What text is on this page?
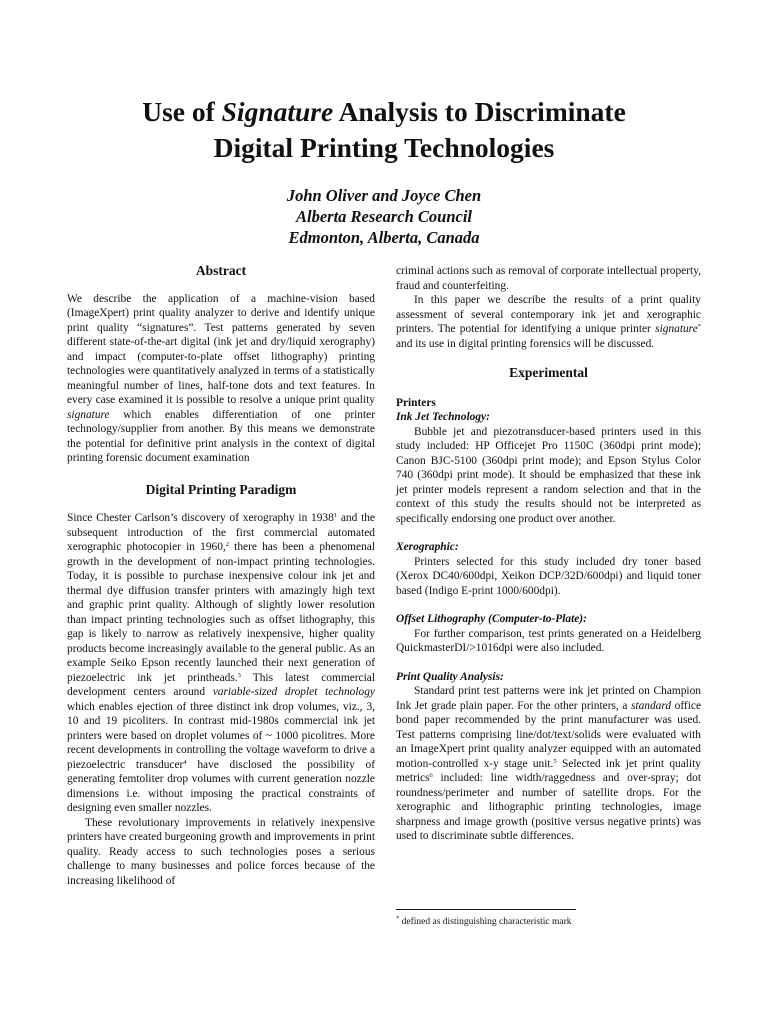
Use of Signature Analysis to Discriminate
Digital Printing Technologies
John Oliver and Joyce Chen
Alberta Research Council
Edmonton, Alberta, Canada

Abstract

We describe the application of a machine-vision based (ImageXpert) print quality analyzer to derive and identify unique print quality “signatures”. Test patterns generated by seven different state-of-the-art digital (ink jet and dry/liquid xerography) and impact (computer-to-plate offset lithography) printing technologies were quantitatively analyzed in terms of a statistically meaningful number of lines, half-tone dots and text features. In every case examined it is possible to resolve a unique print quality signature which enables differentiation of one printer technology/supplier from another. By this means we demonstrate the potential for definitive print analysis in the context of digital printing forensic document examination

Digital Printing Paradigm

Since Chester Carlson’s discovery of xerography in 1938$^1$ and the subsequent introduction of the first commercial automated xerographic photocopier in 1960,$^2$ there has been a phenomenal growth in the development of non-impact printing technologies. Today, it is possible to purchase inexpensive colour ink jet and thermal dye diffusion transfer printers with amazingly high text and graphic print quality. Although of slightly lower resolution than impact printing technologies such as offset lithography, this gap is likely to narrow as relatively inexpensive, higher quality products become increasingly available to the general public. As an example Seiko Epson recently launched their next generation of piezoelectric ink jet printheads.$^3$ This latest commercial development centers around variable-sized droplet technology which enables ejection of three distinct ink drop volumes, viz., 3, 10 and 19 picoliters. In contrast mid-1980s commercial ink jet printers were based on droplet volumes of ~ 1000 picolitres. More recent developments in controlling the voltage waveform to drive a piezoelectric transducer$^4$ have disclosed the possibility of generating femtoliter drop volumes with current generation nozzle dimensions i.e. without imposing the practical constraints of designing even smaller nozzles.

These revolutionary improvements in relatively inexpensive printers have created burgeoning growth and improvements in print quality. Ready access to such technologies poses a serious challenge to many businesses and police forces because of the increasing likelihood of

criminal actions such as removal of corporate intellectual property, fraud and counterfeiting.

In this paper we describe the results of a print quality assessment of several contemporary ink jet and xerographic printers. The potential for identifying a unique printer signature* and its use in digital printing forensics will be discussed.

Experimental

Printers

Ink Jet Technology:

Bubble jet and piezotransducer-based printers used in this study included: HP Officejet Pro 1150C (360dpi print mode); Canon BJC-5100 (360dpi print mode); and Epson Stylus Color 740 (360dpi print mode). It should be emphasized that these ink jet printer models represent a random selection and that in the context of this study the results should not be interpreted as specifically endorsing one product over another.

Xerographic:

Printers selected for this study included dry toner based (Xerox DC40/600dpi, Xeikon DCP/32D/600dpi) and liquid toner based (Indigo E-print 1000/600dpi).

Offset Lithography (Computer-to-Plate):

For further comparison, test prints generated on a Heidelberg QuickmasterDI/>1016dpi were also included.

Print Quality Analysis:

Standard print test patterns were ink jet printed on Champion Ink Jet grade plain paper. For the other printers, a standard office bond paper recommended by the print manufacturer was used. Test patterns comprising line/dot/text/solids were evaluated with an ImageXpert print quality analyzer equipped with an automated motion-controlled x-y stage unit.$^5$ Selected ink jet print quality metrics$^6$ included: line width/raggedness and over-spray; dot roundness/perimeter and number of satellite drops. For the xerographic and lithographic printing technologies, image sharpness and image growth (positive versus negative prints) was used to discriminate subtle differences.

* defined as distinguishing characteristic mark
